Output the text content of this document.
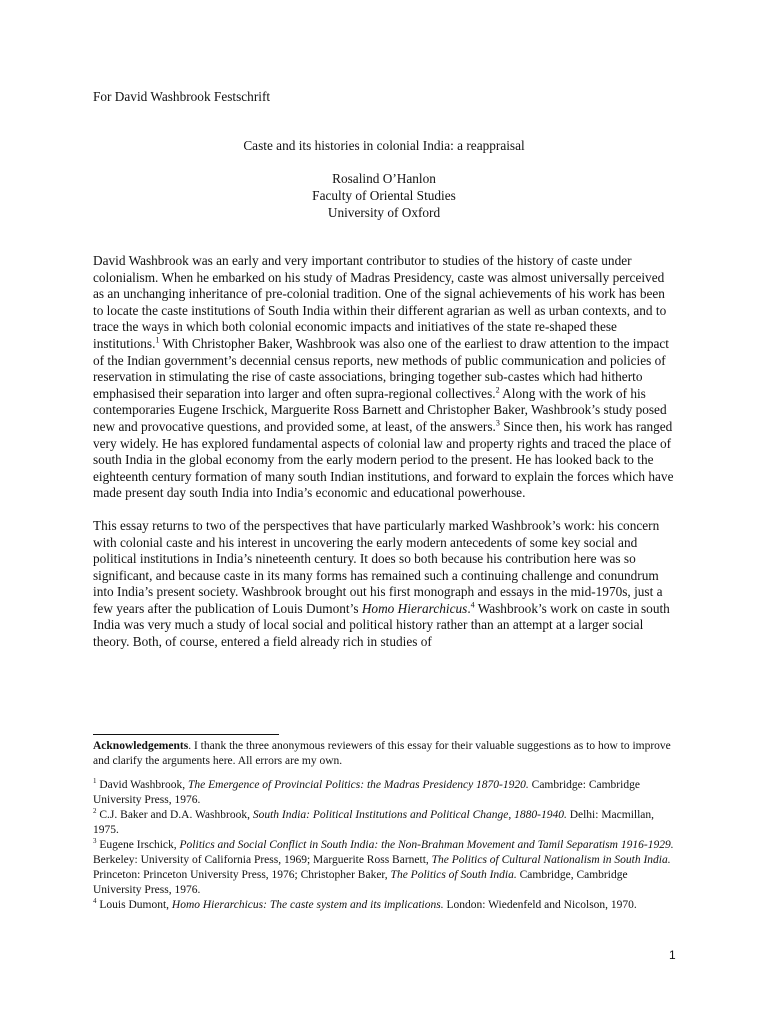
For David Washbrook Festschrift
Caste and its histories in colonial India: a reappraisal
Rosalind O’Hanlon
Faculty of Oriental Studies
University of Oxford

David Washbrook was an early and very important contributor to studies of the history of caste under colonialism. When he embarked on his study of Madras Presidency, caste was almost universally perceived as an unchanging inheritance of pre-colonial tradition. One of the signal achievements of his work has been to locate the caste institutions of South India within their different agrarian as well as urban contexts, and to trace the ways in which both colonial economic impacts and initiatives of the state re-shaped these institutions.$^1$ With Christopher Baker, Washbrook was also one of the earliest to draw attention to the impact of the Indian government’s decennial census reports, new methods of public communication and policies of reservation in stimulating the rise of caste associations, bringing together sub-castes which had hitherto emphasised their separation into larger and often supra-regional collectives.$^2$ Along with the work of his contemporaries Eugene Irschick, Marguerite Ross Barnett and Christopher Baker, Washbrook’s study posed new and provocative questions, and provided some, at least, of the answers.$^3$ Since then, his work has ranged very widely. He has explored fundamental aspects of colonial law and property rights and traced the place of south India in the global economy from the early modern period to the present. He has looked back to the eighteenth century formation of many south Indian institutions, and forward to explain the forces which have made present day south India into India’s economic and educational powerhouse.

This essay returns to two of the perspectives that have particularly marked Washbrook’s work: his concern with colonial caste and his interest in uncovering the early modern antecedents of some key social and political institutions in India’s nineteenth century. It does so both because his contribution here was so significant, and because caste in its many forms has remained such a continuing challenge and conundrum into India’s present society. Washbrook brought out his first monograph and essays in the mid-1970s, just a few years after the publication of Louis Dumont’s Homo Hierarchicus.$^4$ Washbrook’s work on caste in south India was very much a study of local social and political history rather than an attempt at a larger social theory. Both, of course, entered a field already rich in studies of

Acknowledgements. I thank the three anonymous reviewers of this essay for their valuable suggestions as to how to improve and clarify the arguments here. All errors are my own.

$^1$ David Washbrook, The Emergence of Provincial Politics: the Madras Presidency 1870-1920. Cambridge: Cambridge University Press, 1976.

$^2$ C.J. Baker and D.A. Washbrook, South India: Political Institutions and Political Change, 1880-1940. Delhi: Macmillan, 1975.

$^3$ Eugene Irschick, Politics and Social Conflict in South India: the Non-Brahman Movement and Tamil Separatism 1916-1929. Berkeley: University of California Press, 1969; Marguerite Ross Barnett, The Politics of Cultural Nationalism in South India. Princeton: Princeton University Press, 1976; Christopher Baker, The Politics of South India. Cambridge, Cambridge University Press, 1976.

$^4$ Louis Dumont, Homo Hierarchicus: The caste system and its implications. London: Wiedenfeld and Nicolson, 1970.

1
